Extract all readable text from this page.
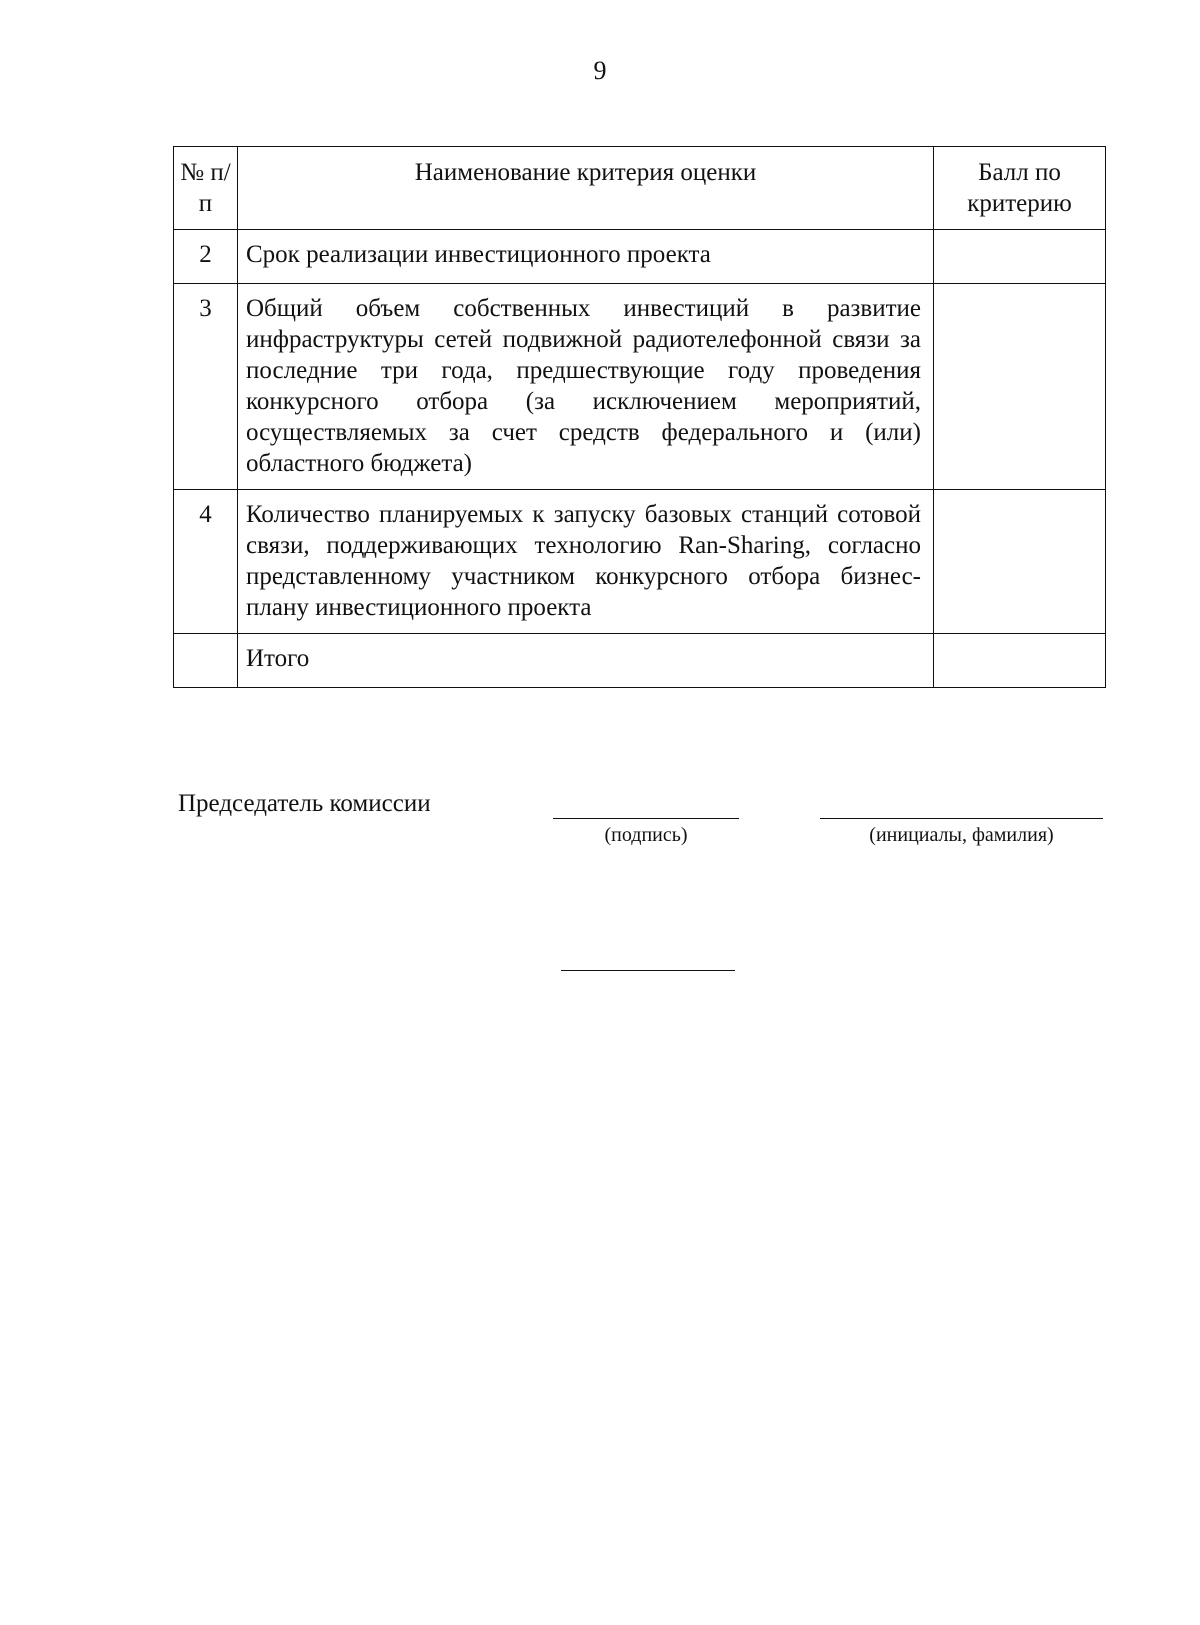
9
№ п/п	Наименование критерия оценки	Балл по критерию
2	Срок реализации инвестиционного проекта	
3	Общий объем собственных инвестиций в развитие инфраструктуры сетей подвижной радиотелефонной связи за последние три года, предшествующие году проведения конкурсного отбора (за исключением мероприятий, осуществляемых за счет средств федерального и (или) областного бюджета)	
4	Количество планируемых к запуску базовых станций сотовой связи, поддерживающих технологию Ran-Sharing, согласно представленному участником конкурсного отбора бизнес-плану инвестиционного проекта	
	Итого	
Председатель комиссии
(подпись)	(инициалы, фамилия)
